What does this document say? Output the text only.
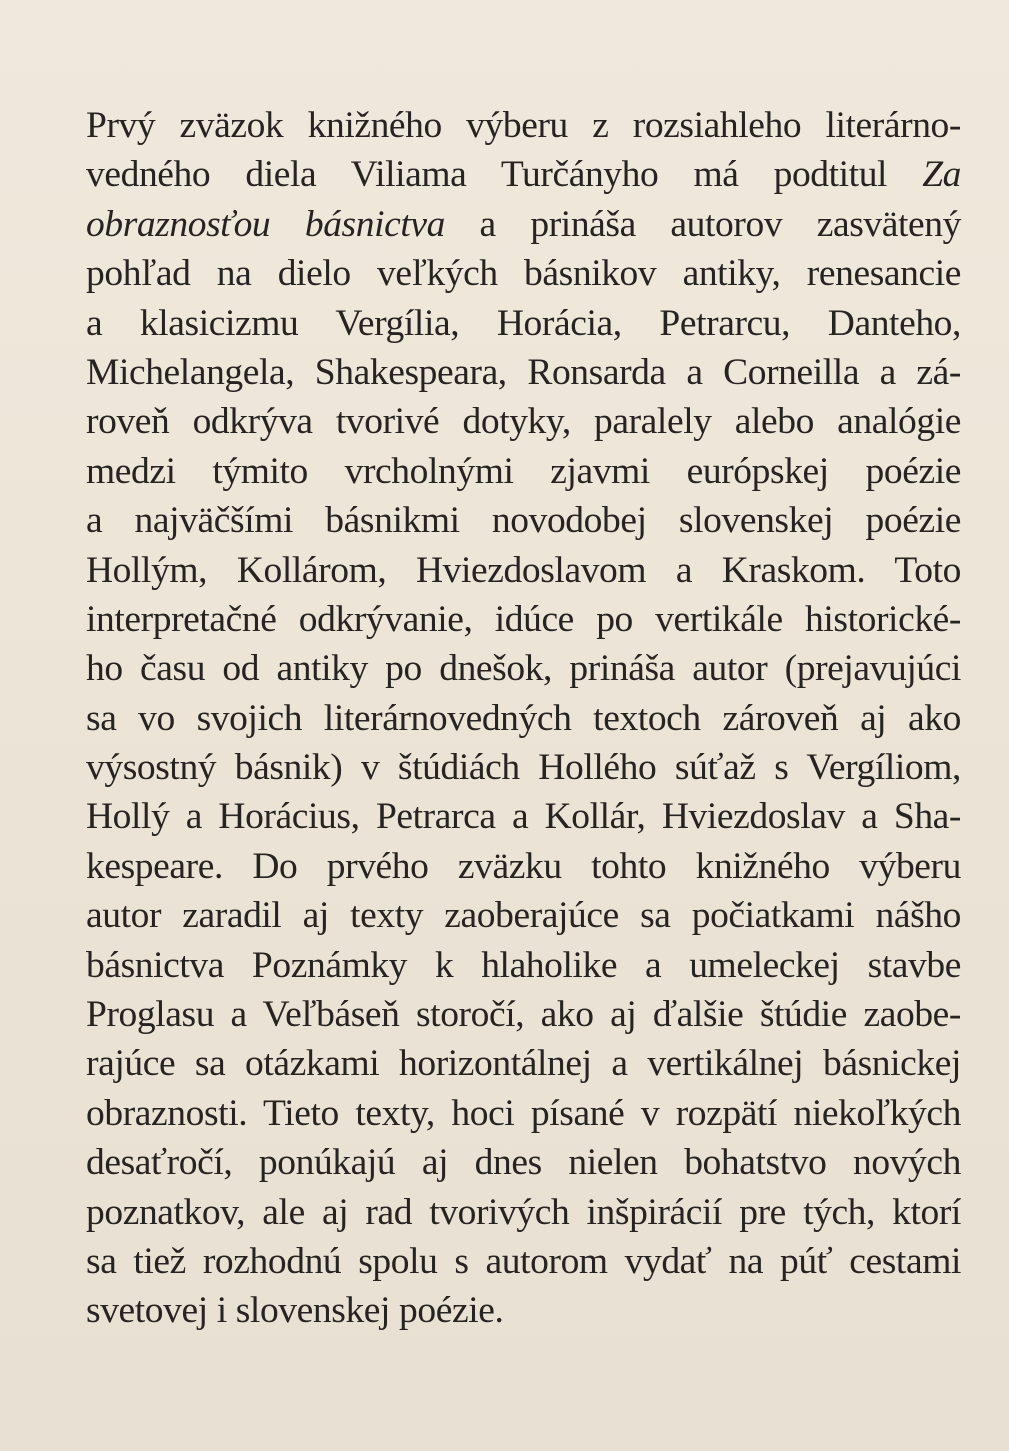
Prvý zväzok knižného výberu z rozsiahleho literárno-
vedného diela Viliama Turčányho má podtitul Za
obraznosťou básnictva a prináša autorov zasvätený
pohľad na dielo veľkých básnikov antiky, renesancie
a klasicizmu Vergília, Horácia, Petrarcu, Danteho,
Michelangela, Shakespeara, Ronsarda a Corneilla a zá-
roveň odkrýva tvorivé dotyky, paralely alebo analógie
medzi týmito vrcholnými zjavmi európskej poézie
a najväčšími básnikmi novodobej slovenskej poézie
Hollým, Kollárom, Hviezdoslavom a Kraskom. Toto
interpretačné odkrývanie, idúce po vertikále historické-
ho času od antiky po dnešok, prináša autor (prejavujúci
sa vo svojich literárnovedných textoch zároveň aj ako
výsostný básnik) v štúdiách Hollého súťaž s Vergíliom,
Hollý a Horácius, Petrarca a Kollár, Hviezdoslav a Sha-
kespeare. Do prvého zväzku tohto knižného výberu
autor zaradil aj texty zaoberajúce sa počiatkami nášho
básnictva Poznámky k hlaholike a umeleckej stavbe
Proglasu a Veľbáseň storočí, ako aj ďalšie štúdie zaobe-
rajúce sa otázkami horizontálnej a vertikálnej básnickej
obraznosti. Tieto texty, hoci písané v rozpätí niekoľkých
desaťročí, ponúkajú aj dnes nielen bohatstvo nových
poznatkov, ale aj rad tvorivých inšpirácií pre tých, ktorí
sa tiež rozhodnú spolu s autorom vydať na púť cestami
svetovej i slovenskej poézie.
